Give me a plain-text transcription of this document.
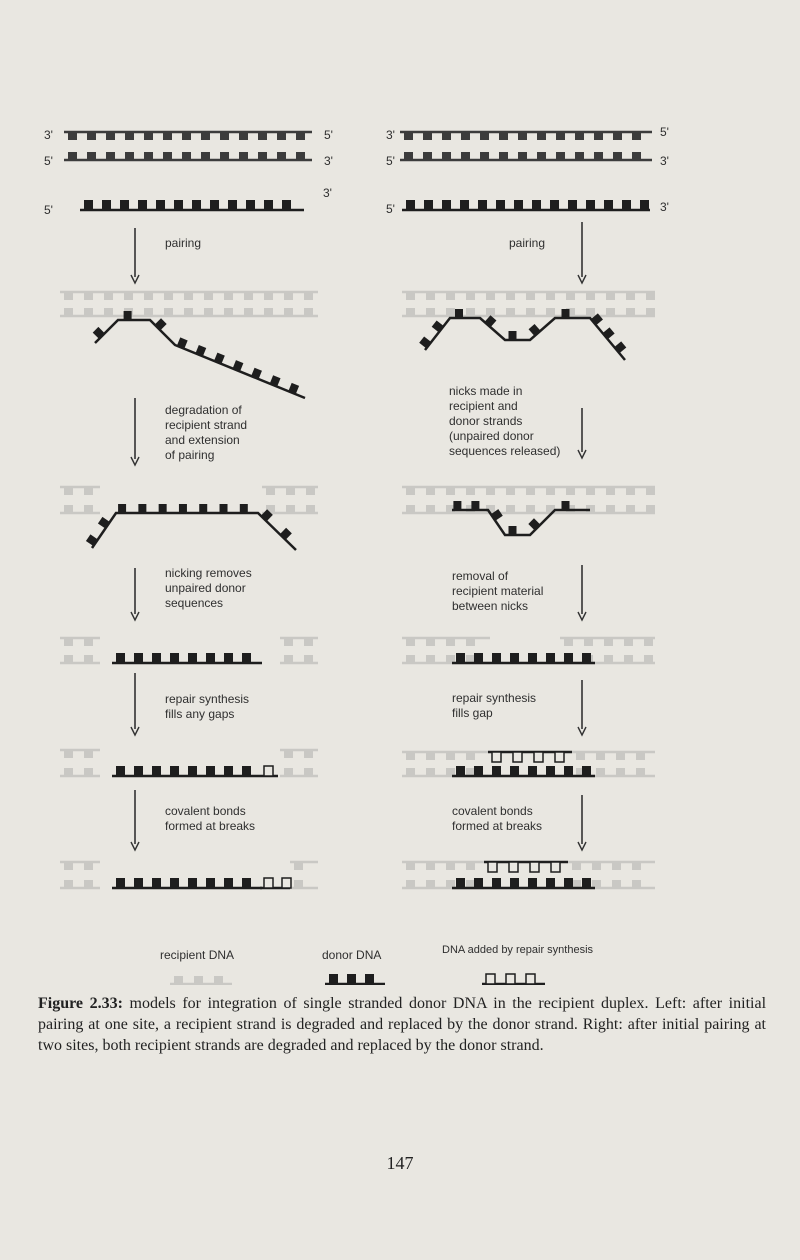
3'	5'
5'	3'
5'
3'
3'	5'
5'	3'
5'	3'
pairing
degradation of
recipient strand
and extension
of pairing
nicking removes
unpaired donor
sequences
repair synthesis
fills any gaps
covalent bonds
formed at breaks
pairing
nicks made in
recipient and
donor strands
(unpaired donor
sequences released)
removal of
recipient material
between nicks
repair synthesis
fills gap
covalent bonds
formed at breaks
recipient DNA	donor DNA	DNA added by repair synthesis
Figure 2.33: models for integration of single stranded donor DNA in the recipient duplex. Left: after initial pairing at one site, a recipient strand is degraded and replaced by the donor strand. Right: after initial pairing at two sites, both recipient strands are degraded and replaced by the donor strand.
147
